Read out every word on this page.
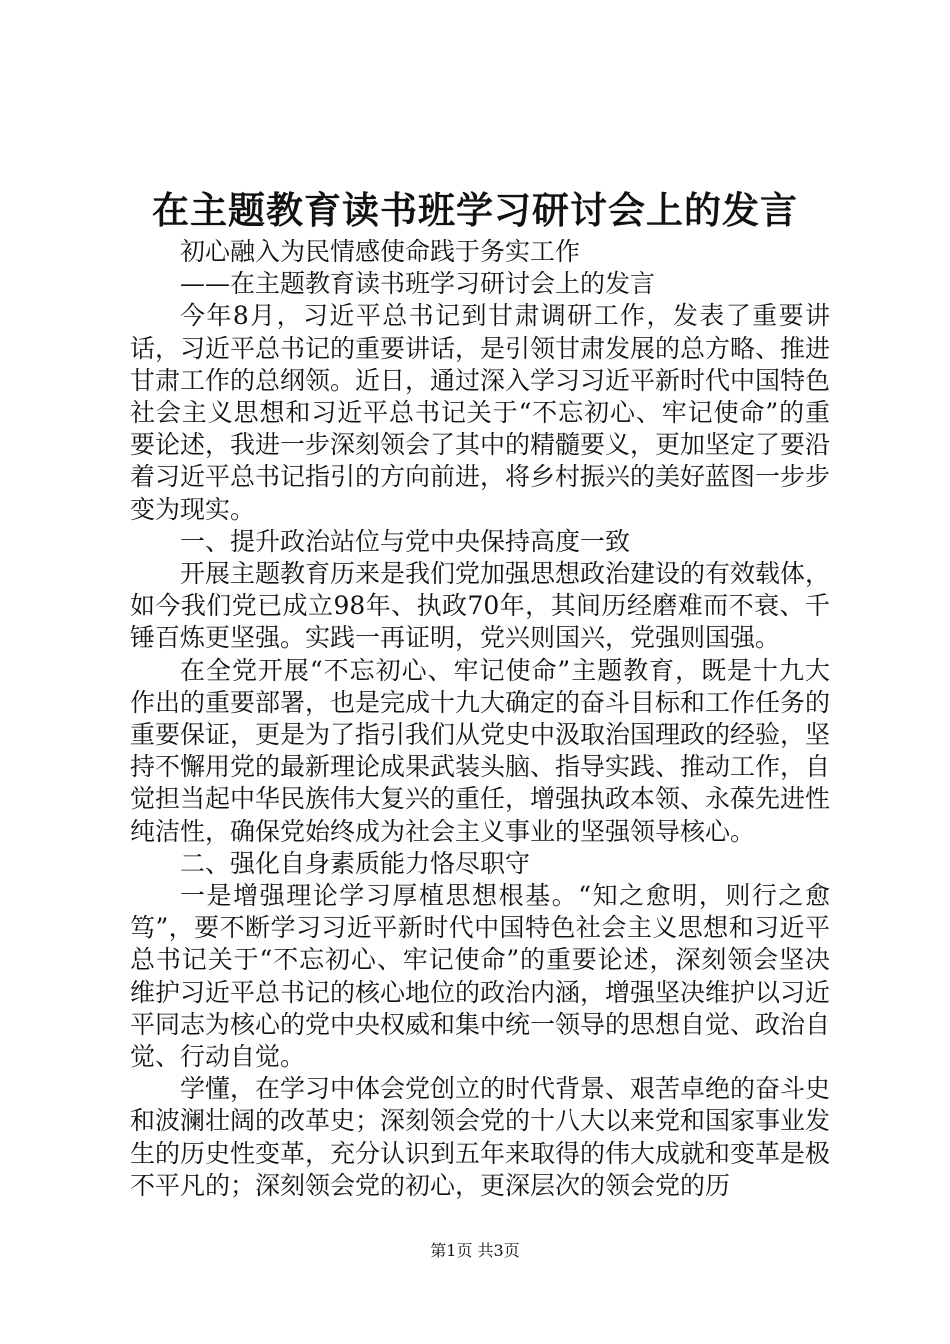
在主题教育读书班学习研讨会上的发言

初心融入为民情感使命践于务实工作

——在主题教育读书班学习研讨会上的发言

今年8月，习近平总书记到甘肃调研工作，发表了重要讲话，习近平总书记的重要讲话，是引领甘肃发展的总方略、推进甘肃工作的总纲领。近日，通过深入学习习近平新时代中国特色社会主义思想和习近平总书记关于“不忘初心、牢记使命”的重要论述，我进一步深刻领会了其中的精髓要义，更加坚定了要沿着习近平总书记指引的方向前进，将乡村振兴的美好蓝图一步步变为现实。

一、提升政治站位与党中央保持高度一致

开展主题教育历来是我们党加强思想政治建设的有效载体，如今我们党已成立98年、执政70年，其间历经磨难而不衰、千锤百炼更坚强。实践一再证明，党兴则国兴，党强则国强。

在全党开展“不忘初心、牢记使命”主题教育，既是十九大作出的重要部署，也是完成十九大确定的奋斗目标和工作任务的重要保证，更是为了指引我们从党史中汲取治国理政的经验，坚持不懈用党的最新理论成果武装头脑、指导实践、推动工作，自觉担当起中华民族伟大复兴的重任，增强执政本领、永葆先进性纯洁性，确保党始终成为社会主义事业的坚强领导核心。

二、强化自身素质能力恪尽职守

一是增强理论学习厚植思想根基。“知之愈明，则行之愈笃”，要不断学习习近平新时代中国特色社会主义思想和习近平总书记关于“不忘初心、牢记使命”的重要论述，深刻领会坚决维护习近平总书记的核心地位的政治内涵，增强坚决维护以习近平同志为核心的党中央权威和集中统一领导的思想自觉、政治自觉、行动自觉。

学懂，在学习中体会党创立的时代背景、艰苦卓绝的奋斗史和波澜壮阔的改革史；深刻领会党的十八大以来党和国家事业发生的历史性变革，充分认识到五年来取得的伟大成就和变革是极不平凡的；深刻领会党的初心，更深层次的领会党的历

第1页 共3页
